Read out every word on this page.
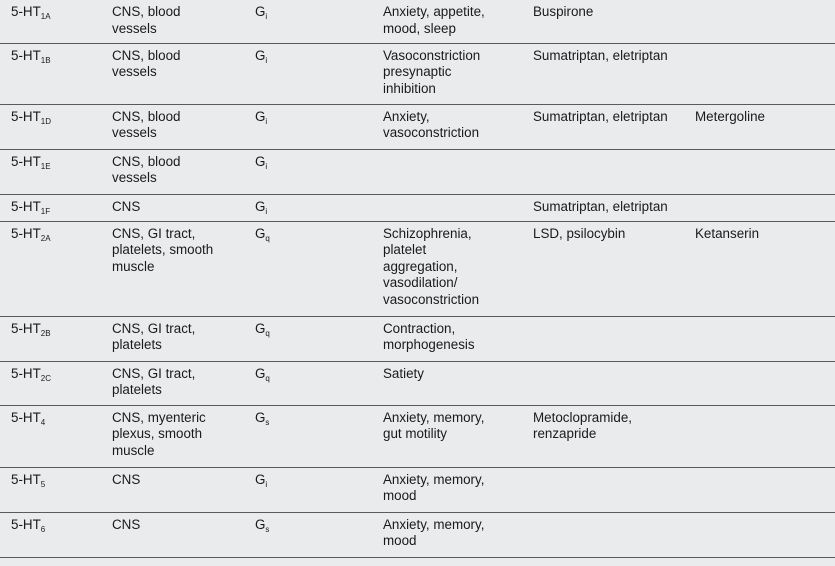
$5-HT_{1A}$	CNS, blood
vessels	$G_i$	Anxiety, appetite,
mood, sleep	Buspirone	
$5-HT_{1B}$	CNS, blood
vessels	$G_i$	Vasoconstriction
presynaptic
inhibition	Sumatriptan, eletriptan	
$5-HT_{1D}$	CNS, blood
vessels	$G_i$	Anxiety,
vasoconstriction	Sumatriptan, eletriptan	Metergoline
$5-HT_{1E}$	CNS, blood
vessels	$G_i$			
$5-HT_{1F}$	CNS	$G_i$		Sumatriptan, eletriptan	
$5-HT_{2A}$	CNS, GI tract,
platelets, smooth
muscle	$G_q$	Schizophrenia,
platelet
aggregation,
vasodilation/
vasoconstriction	LSD, psilocybin	Ketanserin
$5-HT_{2B}$	CNS, GI tract,
platelets	$G_q$	Contraction,
morphogenesis		
$5-HT_{2C}$	CNS, GI tract,
platelets	$G_q$	Satiety		
$5-HT_4$	CNS, myenteric
plexus, smooth
muscle	$G_s$	Anxiety, memory,
gut motility	Metoclopramide,
renzapride	
$5-HT_5$	CNS	$G_i$	Anxiety, memory,
mood		
$5-HT_6$	CNS	$G_s$	Anxiety, memory,
mood		
